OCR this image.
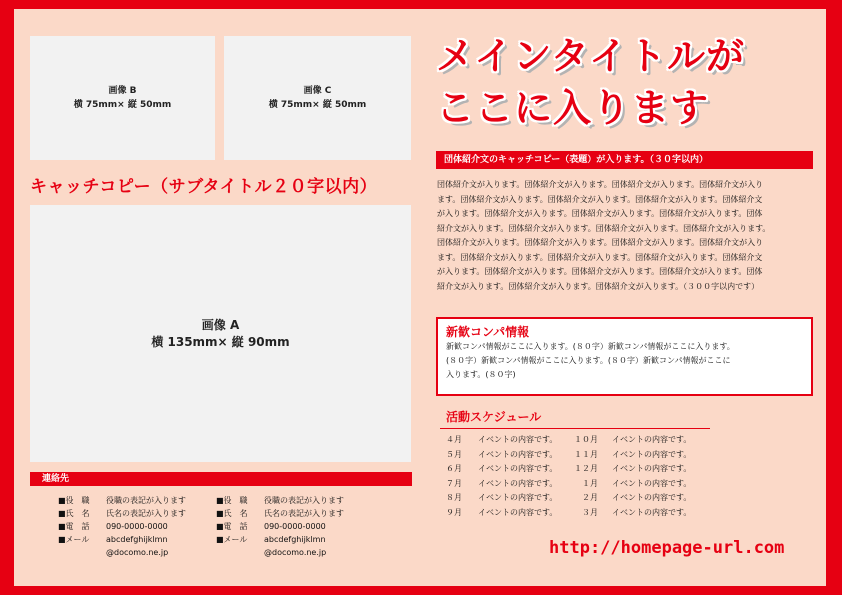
画像 B
横 75mm× 縦 50mm
画像 C
横 75mm× 縦 50mm
キャッチコピー（サブタイトル２０字以内）
画像 A
横 135mm× 縦 90mm
連絡先
■役　職	役職の表記が入ります
■氏　名	氏名の表記が入ります
■電　話	090-0000-0000
■メール	abcdefghijklmn
@docomo.ne.jp
■役　職	役職の表記が入ります
■氏　名	氏名の表記が入ります
■電　話	090-0000-0000
■メール	abcdefghijklmn
@docomo.ne.jp
メインタイトルが
ここに入ります
団体紹介文のキャッチコピー（表題）が入ります。（３０字以内）
団体紹介文が入ります。団体紹介文が入ります。団体紹介文が入ります。団体紹介文が入り
ます。団体紹介文が入ります。団体紹介文が入ります。団体紹介文が入ります。団体紹介文
が入ります。団体紹介文が入ります。団体紹介文が入ります。団体紹介文が入ります。団体
紹介文が入ります。団体紹介文が入ります。団体紹介文が入ります。団体紹介文が入ります。
団体紹介文が入ります。団体紹介文が入ります。団体紹介文が入ります。団体紹介文が入り
ます。団体紹介文が入ります。団体紹介文が入ります。団体紹介文が入ります。団体紹介文
が入ります。団体紹介文が入ります。団体紹介文が入ります。団体紹介文が入ります。団体
紹介文が入ります。団体紹介文が入ります。団体紹介文が入ります。（３００字以内です）
新歓コンパ情報
新歓コンパ情報がここに入ります。(８０字）新歓コンパ情報がここに入ります。
(８０字）新歓コンパ情報がここに入ります。(８０字）新歓コンパ情報がここに
入ります。(８０字)
活動スケジュール
４月	イベントの内容です。	１０月	イベントの内容です。
５月	イベントの内容です。	１１月	イベントの内容です。
６月	イベントの内容です。	１２月	イベントの内容です。
７月	イベントの内容です。	　１月	イベントの内容です。
８月	イベントの内容です。	　２月	イベントの内容です。
９月	イベントの内容です。	　３月	イベントの内容です。
http://homepage-url.com
